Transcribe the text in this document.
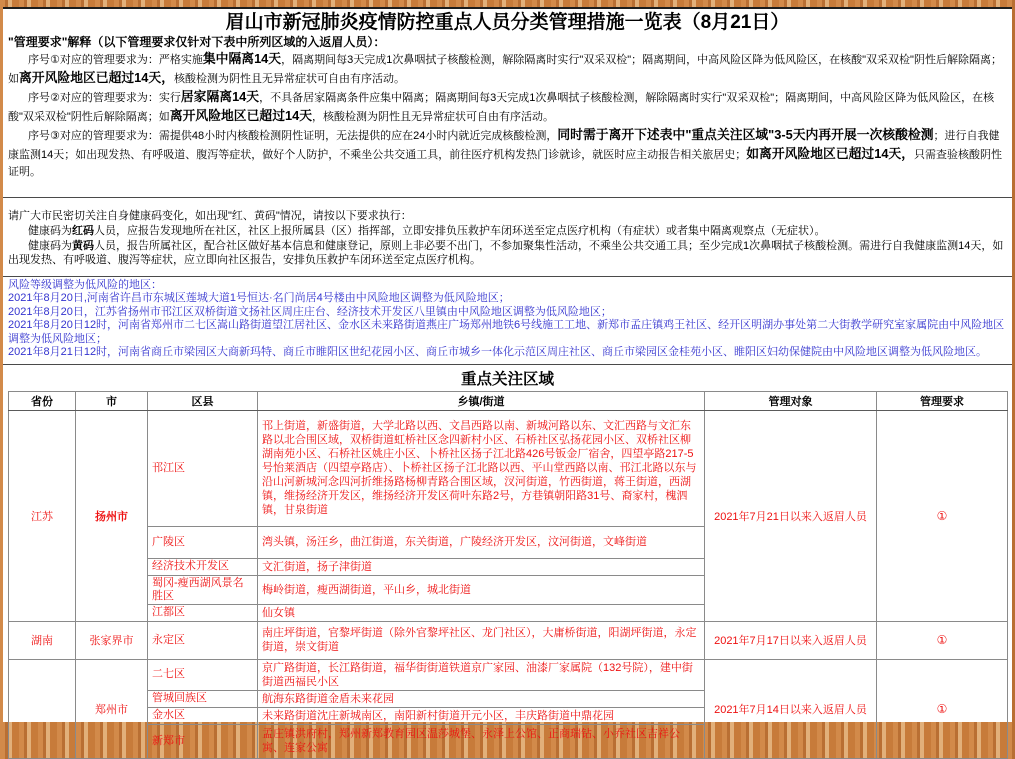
眉山市新冠肺炎疫情防控重点人员分类管理措施一览表（8月21日）
"管理要求"解释（以下管理要求仅针对下表中所列区域的入返眉人员）：
序号①对应的管理要求为：严格实施集中隔离14天，隔离期间每3天完成1次鼻咽拭子核酸检测，解除隔离时实行"双采双检"；隔离期间，中高风险区降为低风险区，在核酸"双采双检"阴性后解除隔离；如离开风险地区已超过14天，核酸检测为阴性且无异常症状可自由有序活动。
序号②对应的管理要求为：实行居家隔离14天，不具备居家隔离条件应集中隔离；隔离期间每3天完成1次鼻咽拭子核酸检测，解除隔离时实行"双采双检"；隔离期间，中高风险区降为低风险区，在核酸"双采双检"阴性后解除隔离；如离开风险地区已超过14天，核酸检测为阴性且无异常症状可自由有序活动。
序号③对应的管理要求为：需提供48小时内核酸检测阴性证明，无法提供的应在24小时内就近完成核酸检测，同时需于离开下述表中"重点关注区域"3-5天内再开展一次核酸检测；进行自我健康监测14天；如出现发热、有呼吸道、腹泻等症状，做好个人防护，不乘坐公共交通工具，前往医疗机构发热门诊就诊，就医时应主动报告相关旅居史；如离开风险地区已超过14天，只需查验核酸阴性证明。
请广大市民密切关注自身健康码变化，如出现"红、黄码"情况，请按以下要求执行：
健康码为红码人员，应报告发现地所在社区，社区上报所属县（区）指挥部，立即安排负压救护车闭环送至定点医疗机构（有症状）或者集中隔离观察点（无症状）。
健康码为黄码人员，报告所属社区，配合社区做好基本信息和健康登记，原则上非必要不出门，不参加聚集性活动，不乘坐公共交通工具；至少完成1次鼻咽拭子核酸检测。需进行自我健康监测14天，如出现发热、有呼吸道、腹泻等症状，应立即向社区报告，安排负压救护车闭环送至定点医疗机构。
风险等级调整为低风险的地区：
2021年8月20日,河南省许昌市东城区莲城大道1号恒达·名门尚居4号楼由中风险地区调整为低风险地区；
2021年8月20日，江苏省扬州市邗江区双桥街道文扬社区周庄庄台、经济技术开发区八里镇由中风险地区调整为低风险地区；
2021年8月20日12时，河南省郑州市二七区嵩山路街道望江居社区、金水区未来路街道燕庄广场郑州地铁6号线施工工地、新郑市孟庄镇鸡王社区、经开区明湖办事处第二大街教学研究室家属院由中风险地区调整为低风险地区；
2021年8月21日12时，河南省商丘市梁园区大商新玛特、商丘市睢阳区世纪花园小区、商丘市城乡一体化示范区周庄社区、商丘市梁园区金桂苑小区、睢阳区妇幼保健院由中风险地区调整为低风险地区。
重点关注区域
省份	市	区县	乡镇/街道	管理对象	管理要求
江苏	扬州市	邗江区	邗上街道，新盛街道，大学北路以西、文昌西路以南、新城河路以东、文汇西路与文汇东路以北合围区域，双桥街道虹桥社区念四新村小区、石桥社区弘扬花园小区、双桥社区柳湖南苑小区、石桥社区姚庄小区、卜桥社区扬子江北路426号钣金厂宿舍，四望亭路217-5号怡莱酒店（四望亭路店）、卜桥社区扬子江北路以西、平山堂西路以南、邗江北路以东与沿山河新城河念四河折维扬路杨柳青路合围区域，汊河街道，竹西街道，蒋王街道，西湖镇，维扬经济开发区，维扬经济开发区荷叶东路2号，方巷镇朝阳路31号、裔家村，槐泗镇，甘泉街道	2021年7月21日以来入返眉人员	①
		广陵区	湾头镇，汤汪乡，曲江街道，东关街道，广陵经济开发区，汶河街道，文峰街道		
		经济技术开发区	文汇街道，扬子津街道		
		蜀冈-瘦西湖风景名胜区	梅岭街道，瘦西湖街道，平山乡，城北街道		
		江都区	仙女镇		
湖南	张家界市	永定区	南庄坪街道，官黎坪街道（除外官黎坪社区、龙门社区），大庸桥街道，阳湖坪街道，永定街道，崇文街道	2021年7月17日以来入返眉人员	①
	郑州市	二七区	京广路街道，长江路街道，福华街街道铁道京广家园、油漆厂家属院（132号院），建中街街道西福民小区	2021年7月14日以来入返眉人员	①
		管城回族区	航海东路街道金盾未来花园		
		金水区	未来路街道沈庄新城南区，南阳新村街道开元小区，丰庆路街道中鼎花园		
		新郑市	孟庄镇洪府村，郑州新郑教育园区温莎城堡、永泽上公馆、正商瑞钻、小乔社区吉祥公寓、连家公寓		
